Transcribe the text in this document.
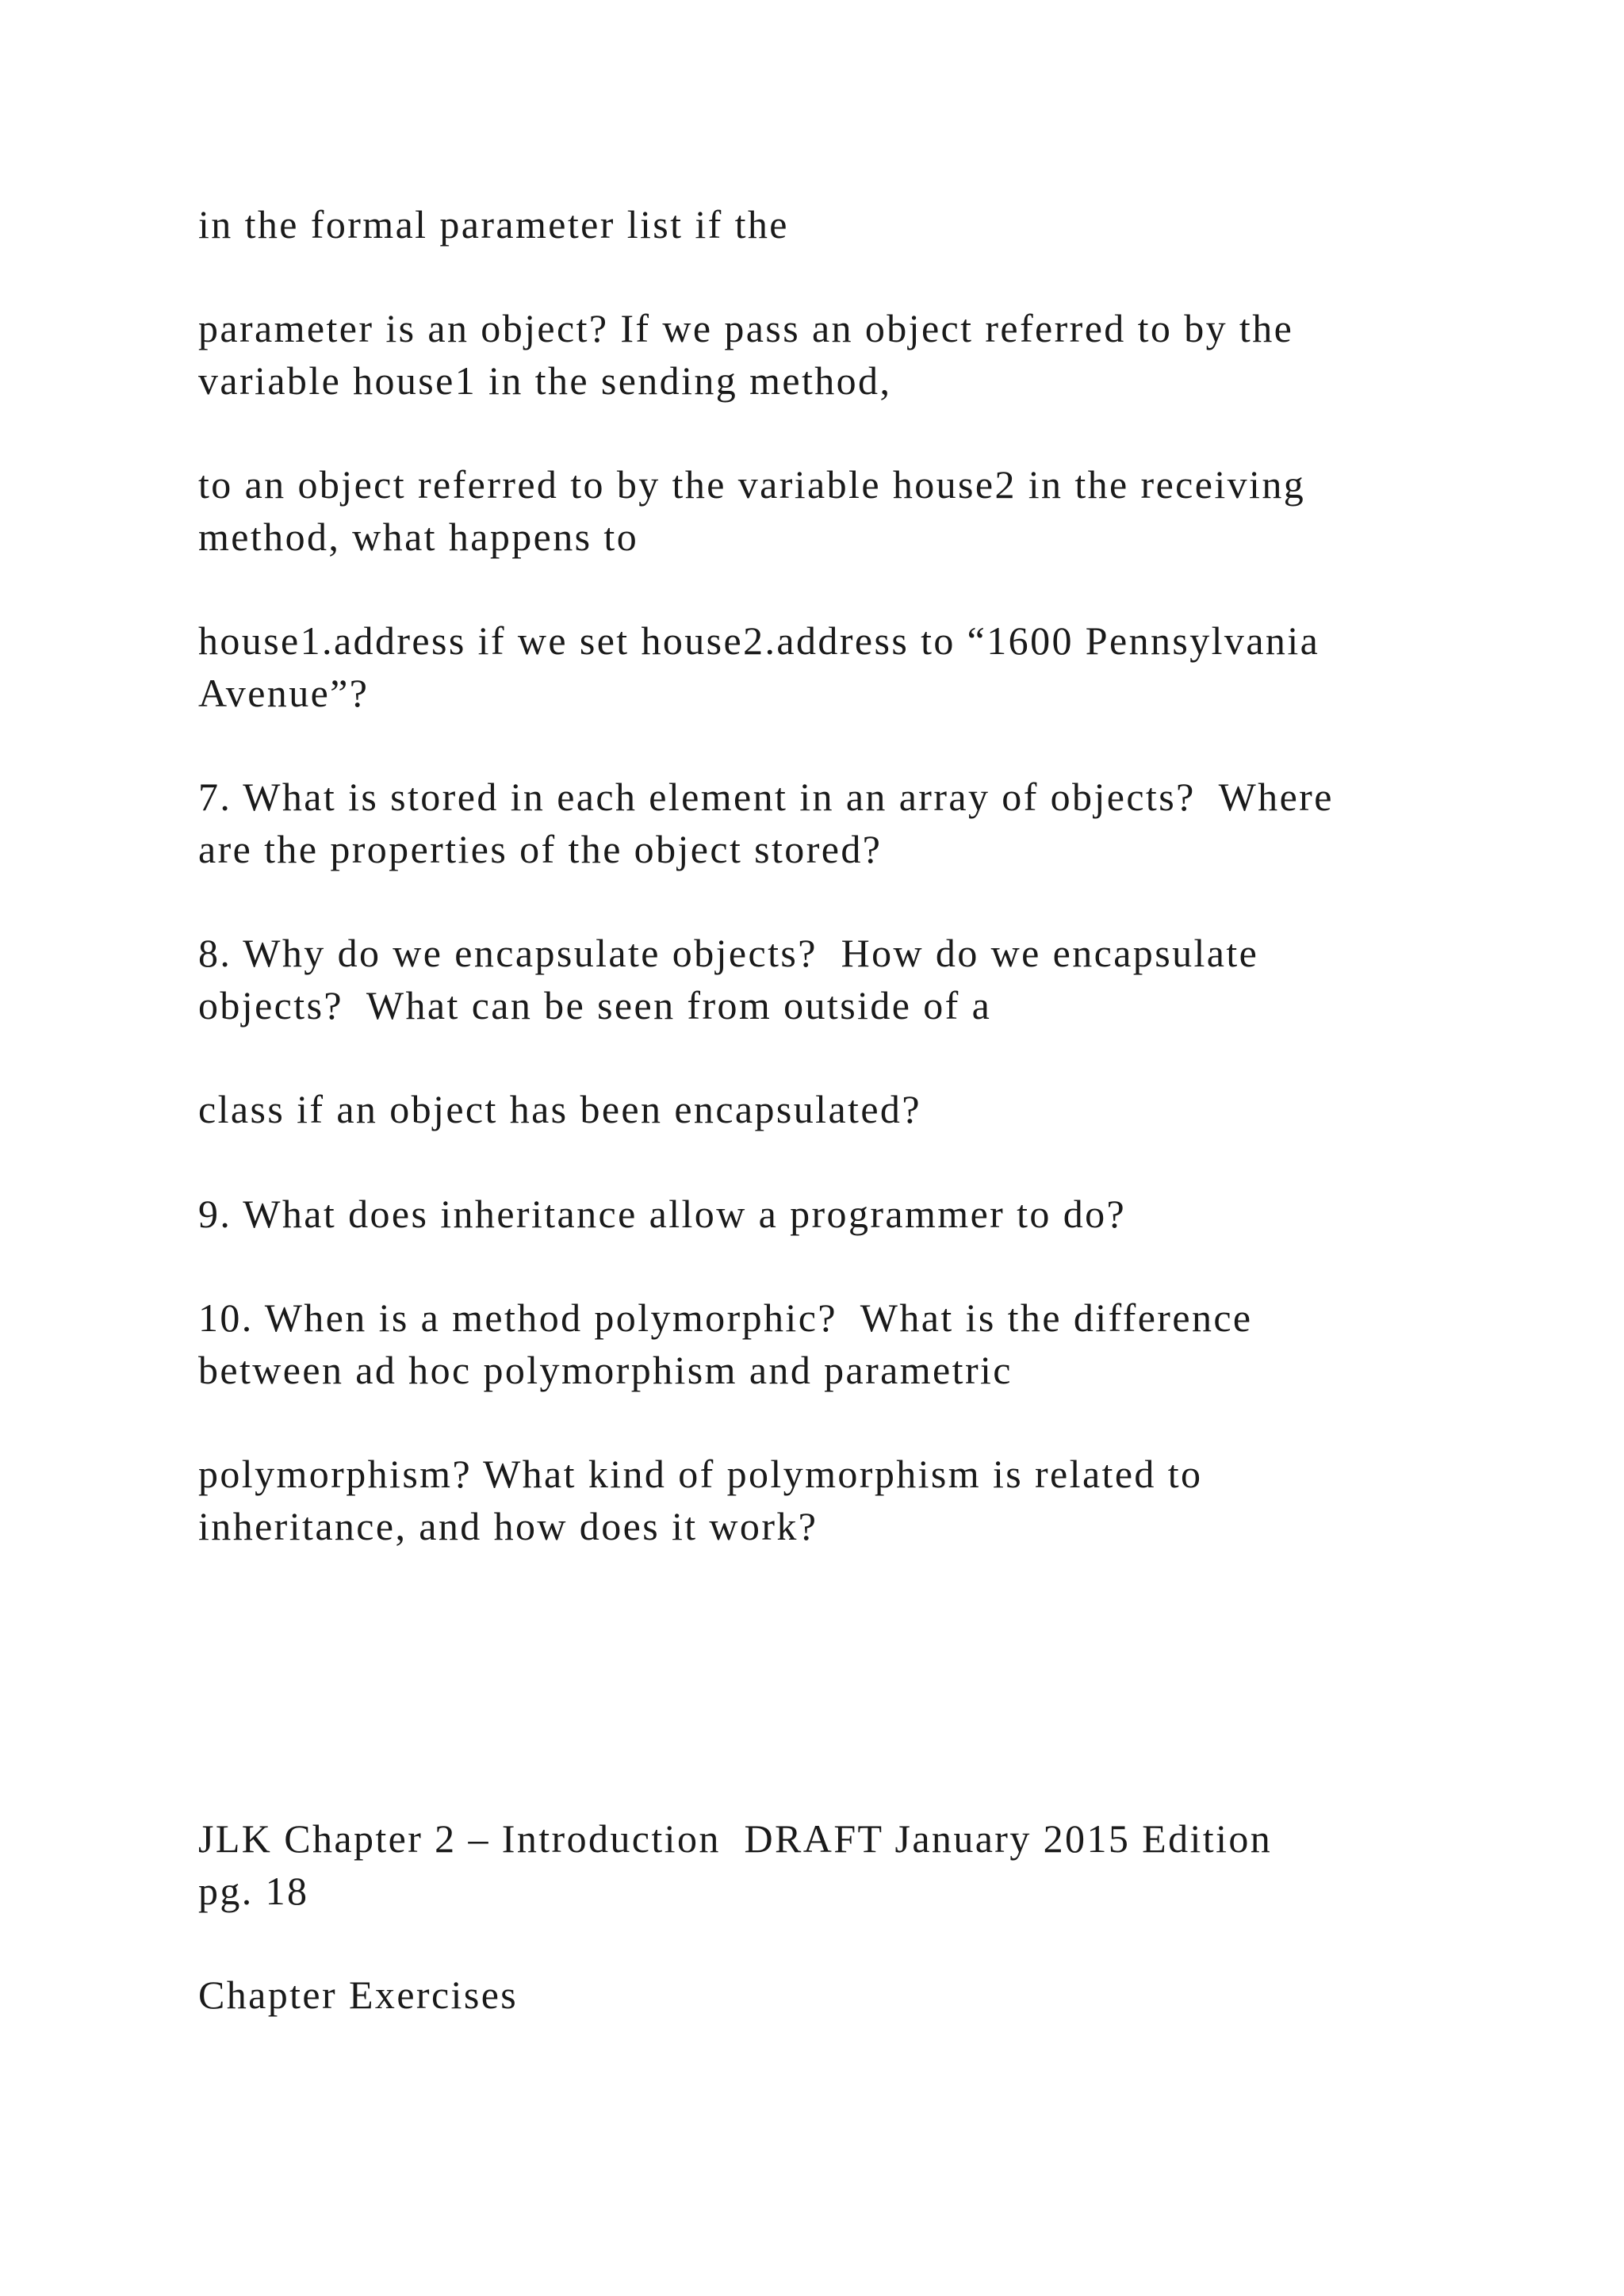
in the formal parameter list if the

parameter is an object? If we pass an object referred to by the
variable house1 in the sending method,

to an object referred to by the variable house2 in the receiving
method, what happens to

house1.address if we set house2.address to “1600 Pennsylvania
Avenue”?

7. What is stored in each element in an array of objects?  Where
are the properties of the object stored?

8. Why do we encapsulate objects?  How do we encapsulate
objects?  What can be seen from outside of a

class if an object has been encapsulated?

9. What does inheritance allow a programmer to do?

10. When is a method polymorphic?  What is the difference
between ad hoc polymorphism and parametric

polymorphism? What kind of polymorphism is related to
inheritance, and how does it work?

JLK Chapter 2 – Introduction  DRAFT January 2015 Edition
pg. 18

Chapter Exercises
